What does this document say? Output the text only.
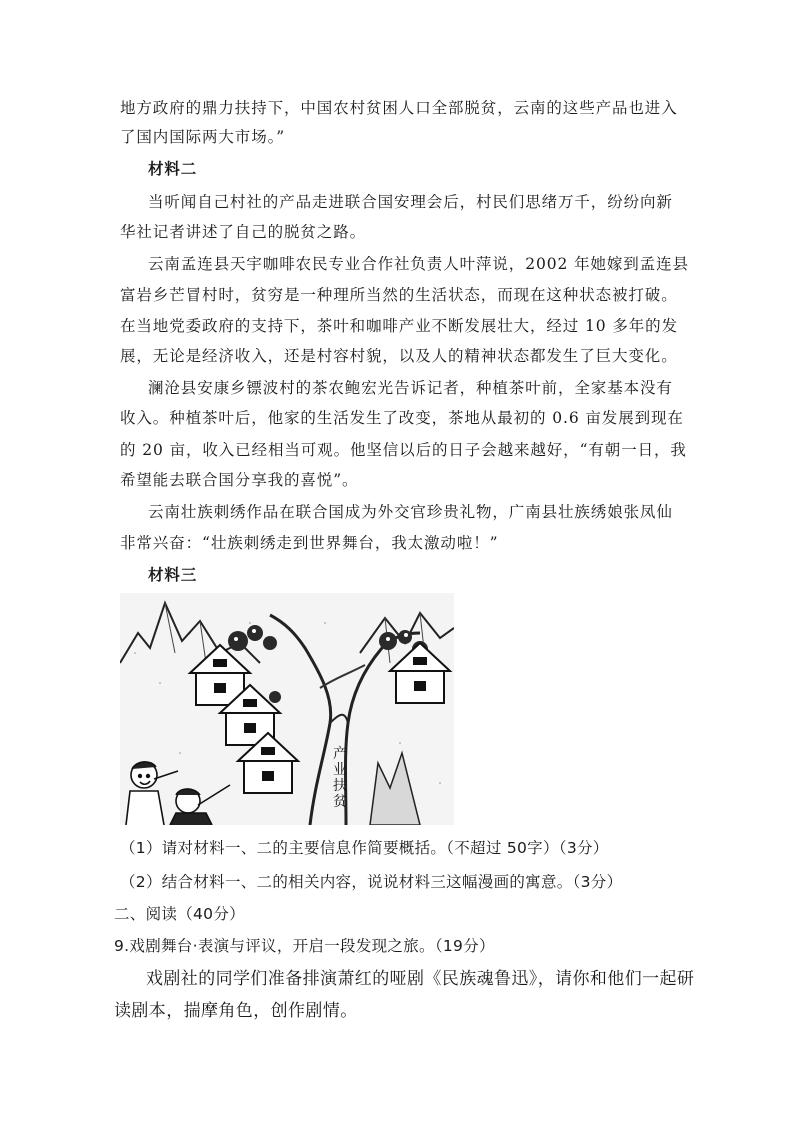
地方政府的鼎力扶持下，中国农村贫困人口全部脱贫，云南的这些产品也进入
了国内国际两大市场。”
材料二
当听闻自己村社的产品走进联合国安理会后，村民们思绪万千，纷纷向新
华社记者讲述了自己的脱贫之路。
云南孟连县天宇咖啡农民专业合作社负责人叶萍说，2002 年她嫁到孟连县
富岩乡芒冒村时，贫穷是一种理所当然的生活状态，而现在这种状态被打破。
在当地党委政府的支持下，茶叶和咖啡产业不断发展壮大，经过 10 多年的发
展，无论是经济收入，还是村容村貌，以及人的精神状态都发生了巨大变化。
澜沧县安康乡镖波村的茶农鲍宏光告诉记者，种植茶叶前，全家基本没有
收入。种植茶叶后，他家的生活发生了改变，茶地从最初的 0.6 亩发展到现在
的 20 亩，收入已经相当可观。他坚信以后的日子会越来越好，“有朝一日，我
希望能去联合国分享我的喜悦”。
云南壮族刺绣作品在联合国成为外交官珍贵礼物，广南县壮族绣娘张凤仙
非常兴奋：“壮族刺绣走到世界舞台，我太激动啦！”
材料三
产
业
扶
贫
（1）请对材料一、二的主要信息作简要概括。（不超过 50字）（3分）
（2）结合材料一、二的相关内容，说说材料三这幅漫画的寓意。（3分）
二、阅读（40分）
9.戏剧舞台·表演与评议，开启一段发现之旅。（19分）
戏剧社的同学们准备排演萧红的哑剧《民族魂鲁迅》，请你和他们一起研
读剧本，揣摩角色，创作剧情。
